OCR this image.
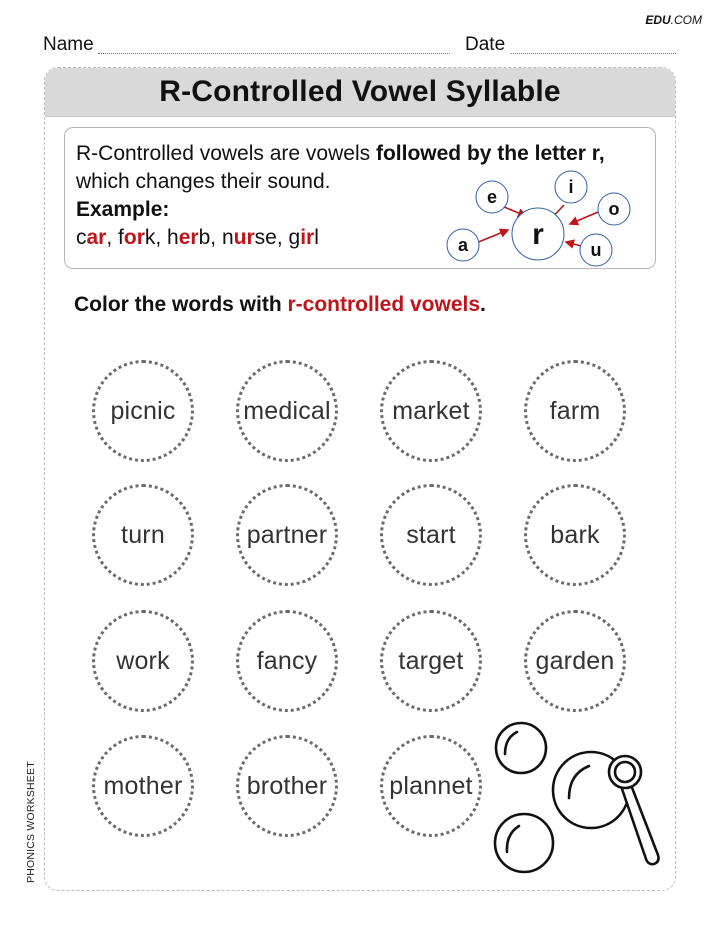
EDU.COM
Name	Date
PHONICS WORKSHEET
R-Controlled Vowel Syllable
R-Controlled vowels are vowels followed by the letter r,
which changes their sound.
Example:
car, fork, herb, nurse, girl	r
e	i
o
a	u
Color the words with r-controlled vowels.
picnic	medical	market	farm
turn	partner	start	bark
work	fancy	target	garden
mother	brother	plannet
